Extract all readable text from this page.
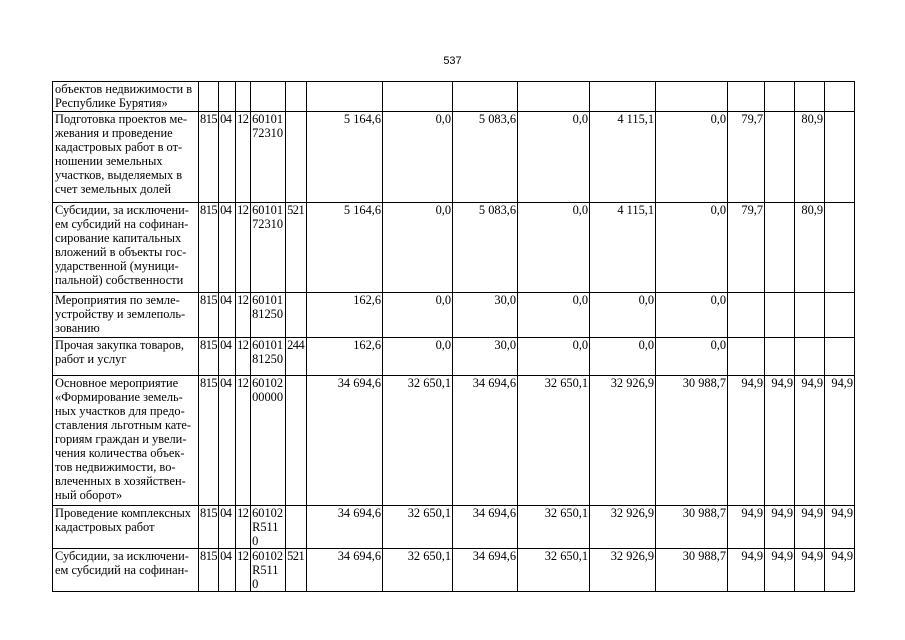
537
объектов недвижимости в Республике Бурятия»															
Подготовка проектов ме-жевания и проведение кадастровых работ в от-ношении земельных участков, выделяемых в счет земельных долей	815	04	12	60101 72310		5 164,6	0,0	5 083,6	0,0	4 115,1	0,0	79,7		80,9	
Субсидии, за исключени-ем субсидий на софинан-сирование капитальных вложений в объекты гос-ударственной (муници-пальной) собственности	815	04	12	60101 72310	521	5 164,6	0,0	5 083,6	0,0	4 115,1	0,0	79,7		80,9	
Мероприятия по земле-устройству и землеполь-зованию	815	04	12	60101 81250		162,6	0,0	30,0	0,0	0,0	0,0				
Прочая закупка товаров, работ и услуг	815	04	12	60101 81250	244	162,6	0,0	30,0	0,0	0,0	0,0				
Основное мероприятие «Формирование земель-ных участков для предо-ставления льготным кате-гориям граждан и увели-чения количества объек-тов недвижимости, во-влеченных в хозяйствен-ный оборот»	815	04	12	60102 00000		34 694,6	32 650,1	34 694,6	32 650,1	32 926,9	30 988,7	94,9	94,9	94,9	94,9
Проведение комплексных кадастровых работ	815	04	12	60102 R5110		34 694,6	32 650,1	34 694,6	32 650,1	32 926,9	30 988,7	94,9	94,9	94,9	94,9
Субсидии, за исключени-ем субсидий на софинан-	815	04	12	60102 R5110	521	34 694,6	32 650,1	34 694,6	32 650,1	32 926,9	30 988,7	94,9	94,9	94,9	94,9
